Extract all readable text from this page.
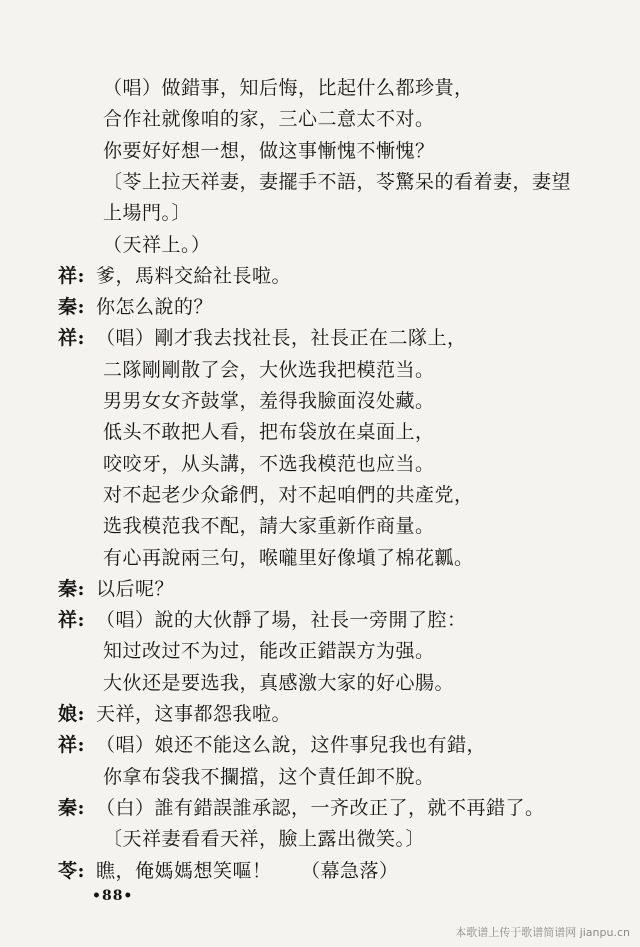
（唱）做錯事，知后悔，比起什么都珍貴，
合作社就像咱的家，三心二意太不对。
你要好好想一想，做这事慚愧不慚愧？
〔苓上拉天祥妻，妻擺手不語，苓驚呆的看着妻，妻望
上場門。〕
（天祥上。）
祥: 爹，馬料交給社長啦。
秦: 你怎么說的？
祥: （唱）剛才我去找社長，社長正在二隊上，
二隊剛剛散了会，大伙选我把模范当。
男男女女齐鼓掌，羞得我臉面沒处藏。
低头不敢把人看，把布袋放在桌面上，
咬咬牙，从头講，不选我模范也应当。
对不起老少众爺們，对不起咱們的共產党，
选我模范我不配，請大家重新作商量。
有心再說兩三句，喉嚨里好像塡了棉花瓤。
秦: 以后呢？
祥: （唱）說的大伙靜了場，社長一旁開了腔：
知过改过不为过，能改正錯誤方为强。
大伙还是要选我，真感激大家的好心腸。
娘: 天祥，这事都怨我啦。
祥: （唱）娘还不能这么說，这件事兒我也有錯，
你拿布袋我不攔擋，这个責任卸不脫。
秦: （白）誰有錯誤誰承認，一齐改正了，就不再錯了。
〔天祥妻看看天祥，臉上露出微笑。〕
苓: 瞧，俺媽媽想笑嘔！　　（幕急落）
•88•
本歌谱上传于歌谱简谱网 jianpu.cn
